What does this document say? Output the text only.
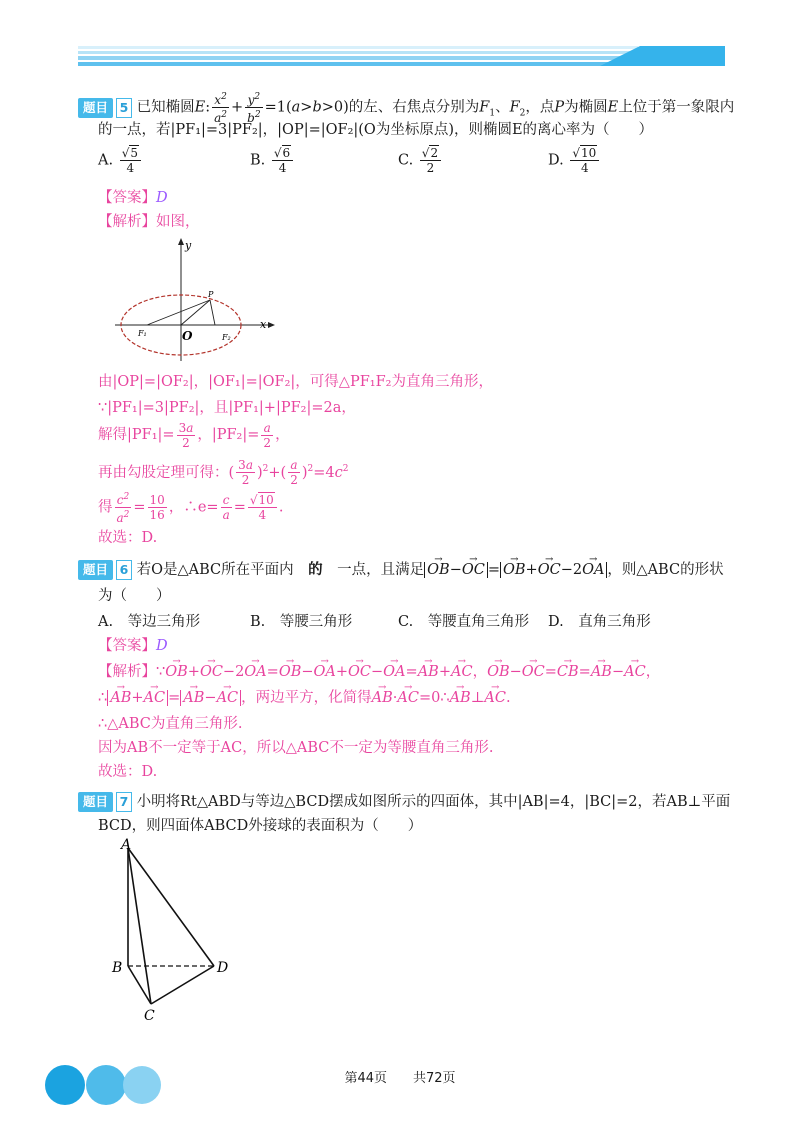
题目 5 已知椭圆E: $\frac{x^2}{a^2} + \frac{y^2}{b^2} =1(a>b>0)$的左、右焦点分别为$F_1$、$F_2$，点P为椭圆E上位于第一象限内
的一点，若|PF₁|=3|PF₂|，|OP|=|OF₂|(O为坐标原点)，则椭圆E的离心率为（　　）
A. $\frac{√5}{4}$	B. $\frac{√6}{4}$	C. $\frac{√2}{2}$	D. $\frac{√10}{4}$
【答案】D
【解析】如图，
y
x
O
P
F₁	F₂
由|OP|=|OF₂|，|OF₁|=|OF₂|，可得△PF₁F₂为直角三角形，
∵|PF₁|=3|PF₂|，且|PF₁|+|PF₂|=2a，
解得$|PF_1|= \frac{3a}{2}$ ，$|PF_2|= \frac{a}{2}$ ，
再由勾股定理可得：( $\frac{3a}{2} )^2+( \frac{a}{2} )^2=4c^2$
得 $\frac{c^2}{a^2} = \frac{10}{16}$ ，∴e= $\frac{c}{a} = \frac{√10}{4}$ .
故选：D.
题目 6 若O是△ABC所在平面内　 的　 一点，且满足 → OB−→ OC = → OB+→ OC−2→ OA ，则△ABC的形状
为（　　）
A.　 等边三角形	B.　 等腰三角形	C.　 等腰直角三角形 D.　 直角三角形
【答案】D
【解析】∵→ OB+→ OC−2→ OA=→ OB−→ OA+→ OC−→ OA=→ AB+→ AC，→ OB−→ OC=→ CB=→ AB−→ AC，
∴ → AB+→ AC = → AB−→ AC ，两边平方，化简得→ AB·→ AC=0∴→ AB⊥→ AC.
∴△ABC为直角三角形.
因为AB不一定等于AC，所以△ABC不一定为等腰直角三角形.
故选：D.
题目 7 小明将Rt△ABD与等边△BCD摆成如图所示的四面体，其中|AB|=4，|BC|=2，若AB⊥平面
BCD，则四面体ABCD外接球的表面积为（　　）
A
B
C
D
第44页　　共72页
